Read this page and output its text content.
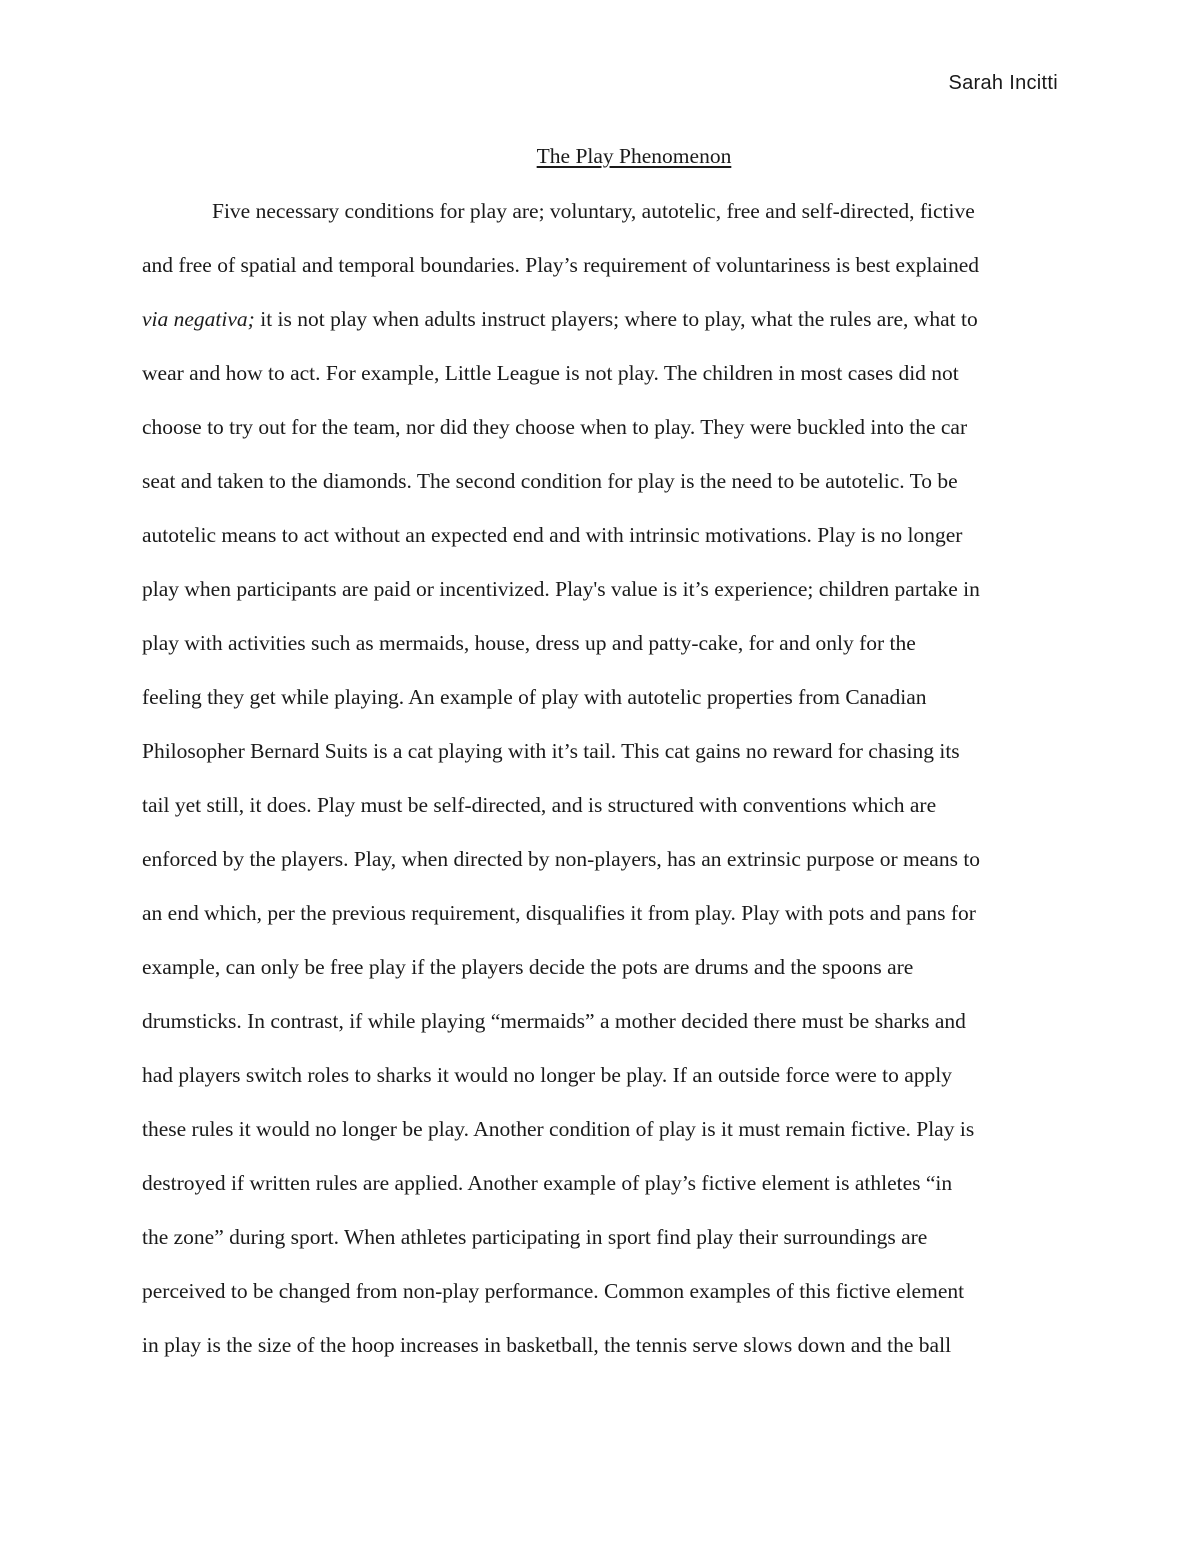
Sarah Incitti
The Play Phenomenon
Five necessary conditions for play are; voluntary, autotelic, free and self-directed, fictive
and free of spatial and temporal boundaries. Play’s requirement of voluntariness is best explained
via negativa; it is not play when adults instruct players; where to play, what the rules are, what to
wear and how to act. For example, Little League is not play. The children in most cases did not
choose to try out for the team, nor did they choose when to play. They were buckled into the car
seat and taken to the diamonds. The second condition for play is the need to be autotelic. To be
autotelic means to act without an expected end and with intrinsic motivations. Play is no longer
play when participants are paid or incentivized. Play's value is it’s experience; children partake in
play with activities such as mermaids, house, dress up and patty-cake, for and only for the
feeling they get while playing. An example of play with autotelic properties from Canadian
Philosopher Bernard Suits is a cat playing with it’s tail. This cat gains no reward for chasing its
tail yet still, it does. Play must be self-directed, and is structured with conventions which are
enforced by the players. Play, when directed by non-players, has an extrinsic purpose or means to
an end which, per the previous requirement, disqualifies it from play. Play with pots and pans for
example, can only be free play if the players decide the pots are drums and the spoons are
drumsticks. In contrast, if while playing “mermaids” a mother decided there must be sharks and
had players switch roles to sharks it would no longer be play. If an outside force were to apply
these rules it would no longer be play. Another condition of play is it must remain fictive. Play is
destroyed if written rules are applied. Another example of play’s fictive element is athletes “in
the zone” during sport. When athletes participating in sport find play their surroundings are
perceived to be changed from non-play performance. Common examples of this fictive element
in play is the size of the hoop increases in basketball, the tennis serve slows down and the ball
